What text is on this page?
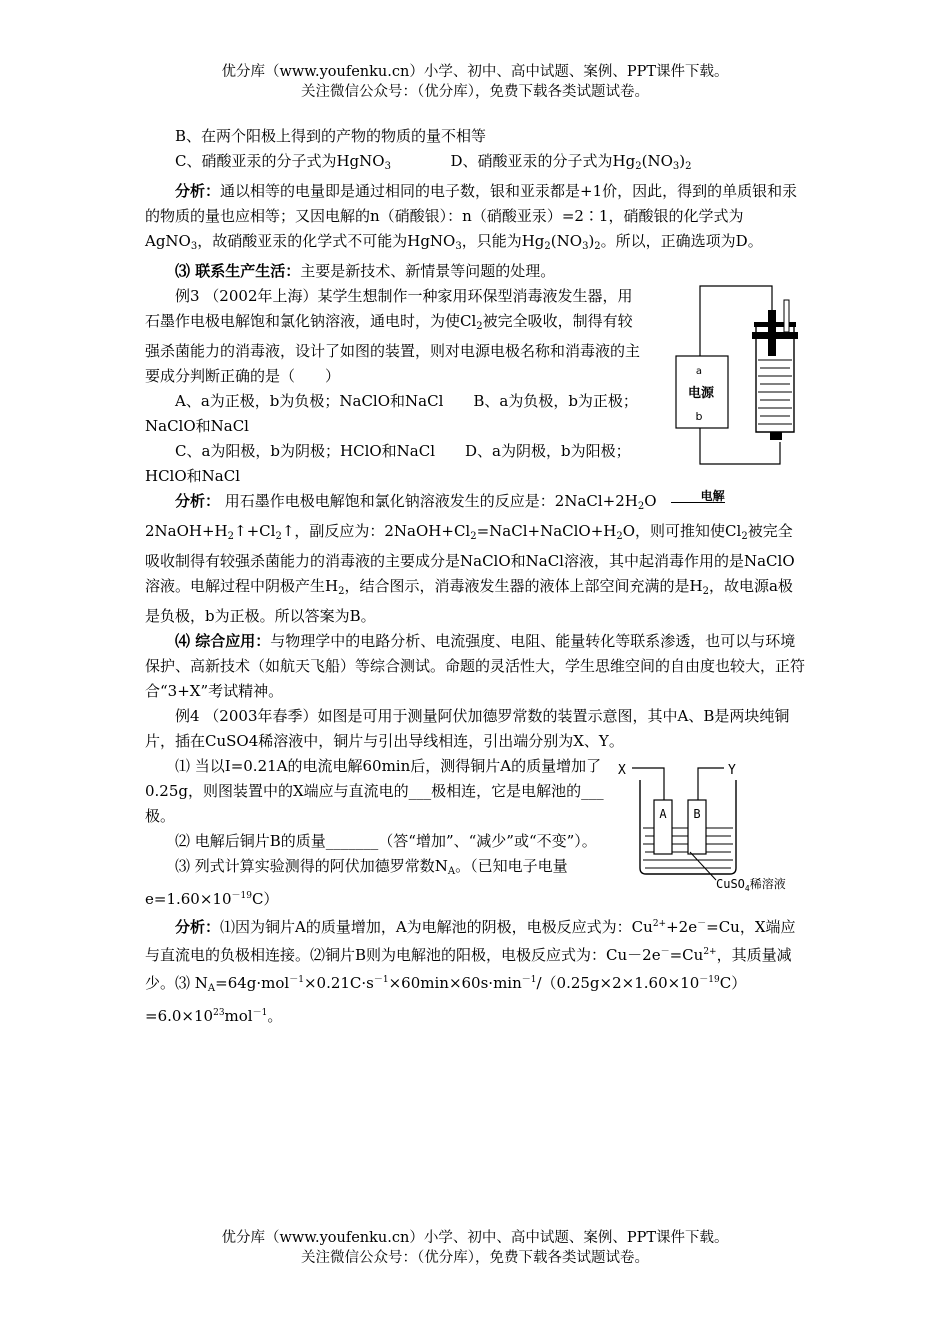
优分库（www.youfenku.cn）小学、初中、高中试题、案例、PPT课件下载。
关注微信公众号：（优分库），免费下载各类试题试卷。

B、在两个阳极上得到的产物的物质的量不相等

C、硝酸亚汞的分子式为HgNO$_3$	D、硝酸亚汞的分子式为$Hg_2(NO_3)_2$

分析：通以相等的电量即是通过相同的电子数，银和亚汞都是+1价，因此，得到的单质银和汞的物质的量也应相等；又因电解的n（硝酸银）：n（硝酸亚汞）=2∶1，硝酸银的化学式为AgNO$_3$，故硝酸亚汞的化学式不可能为HgNO$_3$，只能为$Hg_2(NO_3)_2$。所以，正确选项为D。

⑶ 联系生产生活：主要是新技术、新情景等问题的处理。

例3 （2002年上海）某学生想制作一种家用环保型消毒液发生器，用石墨作电极电解饱和氯化钠溶液，通电时，为使$Cl_2$被完全吸收，制得有较强杀菌能力的消毒液，设计了如图的装置，则对电源电极名称和消毒液的主要成分判断正确的是（　　）

A、a为正极，b为负极；NaClO和NaCl　　B、a为负极，b为正极；NaClO和NaCl

C、a为阳极，b为阴极；HClO和NaCl　　D、a为阴极，b为阳极；HClO和NaCl

分析： 用石墨作电极电解饱和氯化钠溶液发生的反应是：$2NaCl+2H_2O$	电解$2NaOH+H_2↑+Cl_2↑$，副反应为：$2NaOH+Cl_2=NaCl+NaClO+H_2O$，则可推知使$Cl_2$被完全吸收制得有较强杀菌能力的消毒液的主要成分是NaClO和NaCl溶液，其中起消毒作用的是NaClO溶液。电解过程中阴极产生$H_2$，结合图示，消毒液发生器的液体上部空间充满的是$H_2$，故电源a极是负极，b为正极。所以答案为B。

⑷ 综合应用：与物理学中的电路分析、电流强度、电阻、能量转化等联系渗透，也可以与环境保护、高新技术（如航天飞船）等综合测试。命题的灵活性大，学生思维空间的自由度也较大，正符合“3+X”考试精神。

例4 （2003年春季）如图是可用于测量阿伏加德罗常数的装置示意图，其中A、B是两块纯铜片，插在CuSO4稀溶液中，铜片与引出导线相连，引出端分别为X、Y。

⑴ 当以I=0.21A的电流电解60min后，测得铜片A的质量增加了0.25g，则图装置中的X端应与直流电的___极相连，它是电解池的___极。

⑵ 电解后铜片B的质量_______（答“增加”、“减少”或“不变”）。

⑶ 列式计算实验测得的阿伏加德罗常数$N_A$。（已知电子电量$e=1.60\times 10^{-19}C$）

分析：⑴因为铜片A的质量增加，A为电解池的阴极，电极反应式为：$Cu^{2+}+2e^-=Cu$，X端应与直流电的负极相连接。⑵铜片B则为电解池的阳极，电极反应式为：$Cu-2e^-=Cu^{2+}$，其质量减少。⑶ $N_A=64g\cdot mol^{-1}\times 0.21C\cdot s^{-1}\times 60\min\times 60s\cdot\min^{-1}/(0.25g\times 2\times 1.60\times 10^{-19}C)=6.0\times 10^{23}mol^{-1}$。

a
电源
b
X	Y
A B
CuSO$_4$稀溶液
优分库（www.youfenku.cn）小学、初中、高中试题、案例、PPT课件下载。
关注微信公众号：（优分库），免费下载各类试题试卷。
